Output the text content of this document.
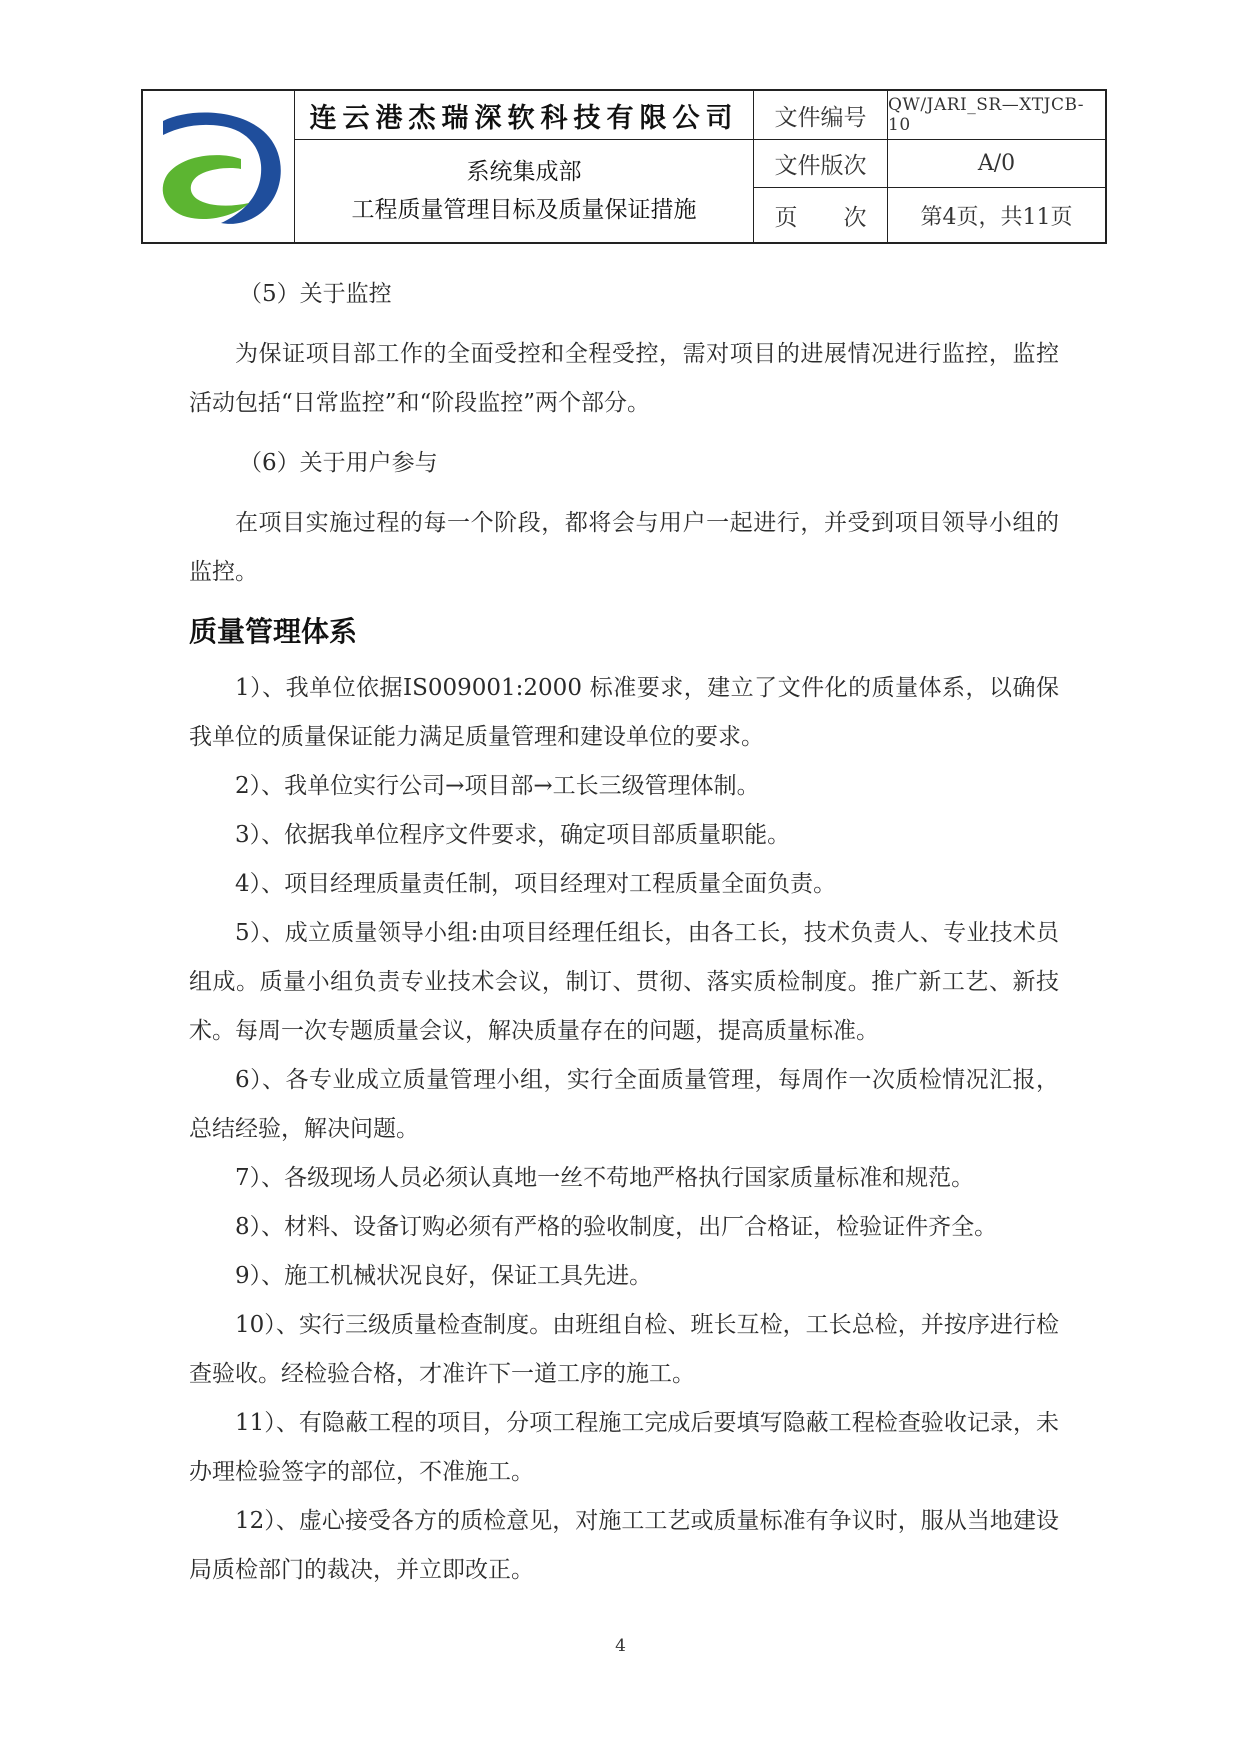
连云港杰瑞深软科技有限公司	文件编号	QW/JARI_SR—XTJCB-10
系统集成部
工程质量管理目标及质量保证措施
文件版次	A/0
页　　次	第4页，共11页

（5）关于监控

为保证项目部工作的全面受控和全程受控，需对项目的进展情况进行监控，监控活动包括“日常监控”和“阶段监控”两个部分。

（6）关于用户参与

在项目实施过程的每一个阶段，都将会与用户一起进行，并受到项目领导小组的监控。

质量管理体系

1）、我单位依据IS009001:2000 标准要求，建立了文件化的质量体系，以确保我单位的质量保证能力满足质量管理和建设单位的要求。

2）、我单位实行公司→项目部→工长三级管理体制。

3）、依据我单位程序文件要求，确定项目部质量职能。

4）、项目经理质量责任制，项目经理对工程质量全面负责。

5）、成立质量领导小组:由项目经理任组长，由各工长，技术负责人、专业技术员组成。质量小组负责专业技术会议，制订、贯彻、落实质检制度。推广新工艺、新技术。每周一次专题质量会议，解决质量存在的问题，提高质量标准。

6）、各专业成立质量管理小组，实行全面质量管理，每周作一次质检情况汇报，总结经验，解决问题。

7）、各级现场人员必须认真地一丝不苟地严格执行国家质量标准和规范。

8）、材料、设备订购必须有严格的验收制度，出厂合格证，检验证件齐全。

9）、施工机械状况良好，保证工具先进。

10）、实行三级质量检查制度。由班组自检、班长互检，工长总检，并按序进行检查验收。经检验合格，才准许下一道工序的施工。

11）、有隐蔽工程的项目，分项工程施工完成后要填写隐蔽工程检查验收记录，未办理检验签字的部位，不准施工。

12）、虚心接受各方的质检意见，对施工工艺或质量标准有争议时，服从当地建设局质检部门的裁决，并立即改正。

4
